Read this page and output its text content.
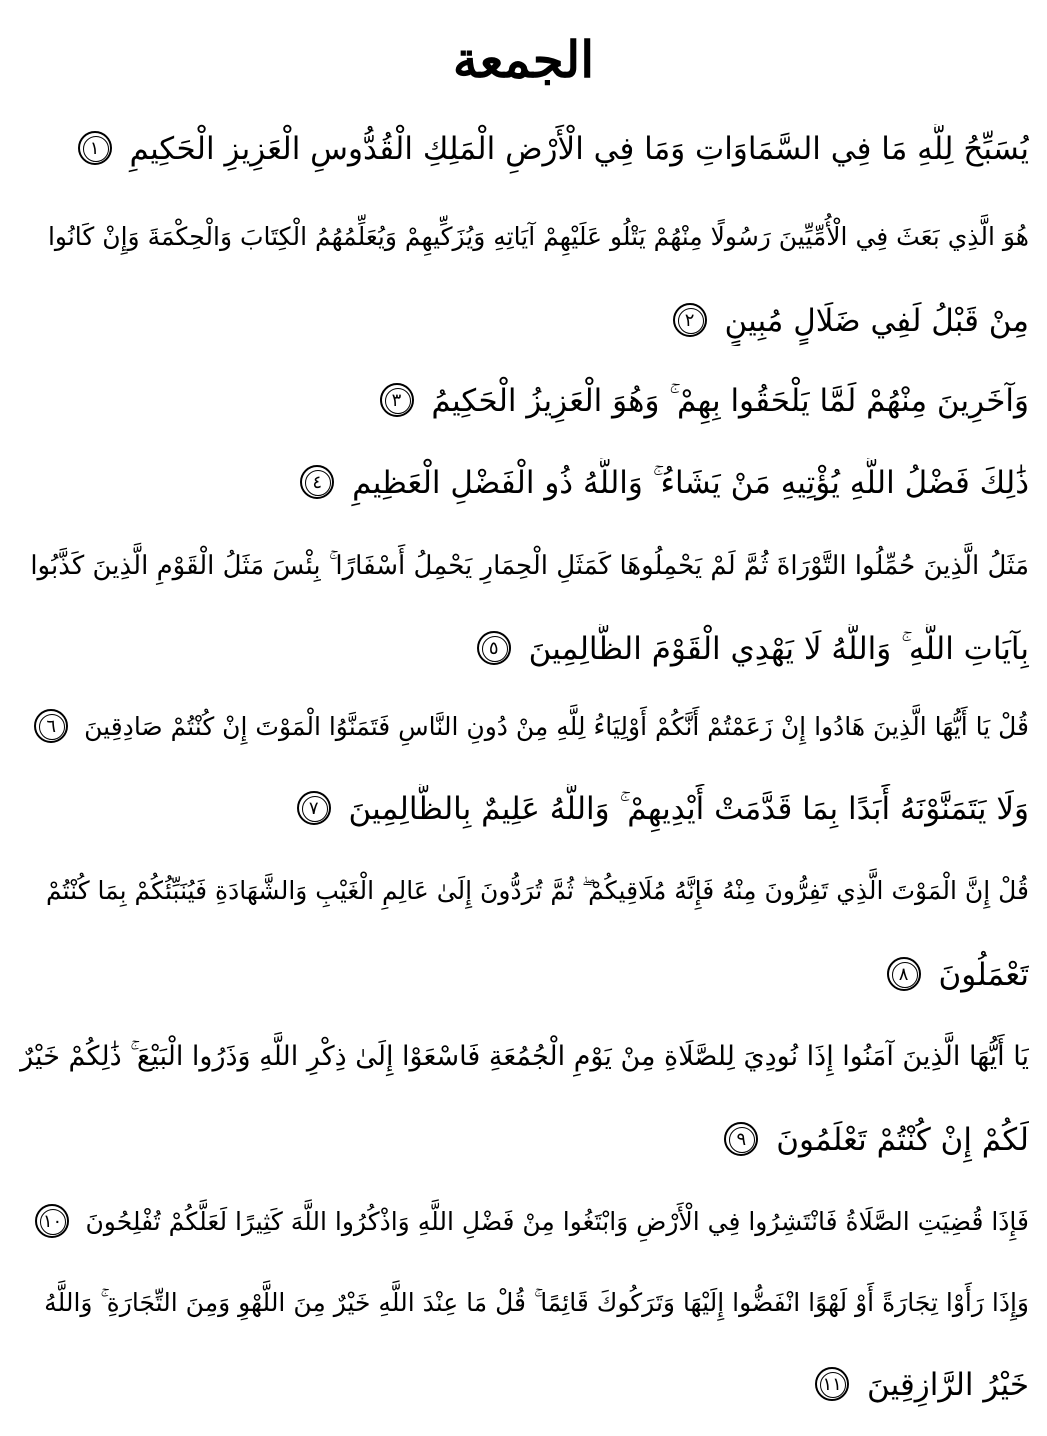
الجمعة
يُسَبِّحُ لِلَّهِ مَا فِي السَّمَاوَاتِ وَمَا فِي الْأَرْضِ الْمَلِكِ الْقُدُّوسِ الْعَزِيزِ الْحَكِيمِ ١
هُوَ الَّذِي بَعَثَ فِي الْأُمِّيِّينَ رَسُولًا مِنْهُمْ يَتْلُو عَلَيْهِمْ آيَاتِهِ وَيُزَكِّيهِمْ وَيُعَلِّمُهُمُ الْكِتَابَ وَالْحِكْمَةَ وَإِنْ كَانُوا
مِنْ قَبْلُ لَفِي ضَلَالٍ مُبِينٍ ٢
وَآخَرِينَ مِنْهُمْ لَمَّا يَلْحَقُوا بِهِمْ ۚ وَهُوَ الْعَزِيزُ الْحَكِيمُ ٣
ذَٰلِكَ فَضْلُ اللَّهِ يُؤْتِيهِ مَنْ يَشَاءُ ۚ وَاللَّهُ ذُو الْفَضْلِ الْعَظِيمِ ٤
مَثَلُ الَّذِينَ حُمِّلُوا التَّوْرَاةَ ثُمَّ لَمْ يَحْمِلُوهَا كَمَثَلِ الْحِمَارِ يَحْمِلُ أَسْفَارًا ۚ بِئْسَ مَثَلُ الْقَوْمِ الَّذِينَ كَذَّبُوا
بِآيَاتِ اللَّهِ ۚ وَاللَّهُ لَا يَهْدِي الْقَوْمَ الظَّالِمِينَ ٥
قُلْ يَا أَيُّهَا الَّذِينَ هَادُوا إِنْ زَعَمْتُمْ أَنَّكُمْ أَوْلِيَاءُ لِلَّهِ مِنْ دُونِ النَّاسِ فَتَمَنَّوُا الْمَوْتَ إِنْ كُنْتُمْ صَادِقِينَ ٦
وَلَا يَتَمَنَّوْنَهُ أَبَدًا بِمَا قَدَّمَتْ أَيْدِيهِمْ ۚ وَاللَّهُ عَلِيمٌ بِالظَّالِمِينَ ٧
قُلْ إِنَّ الْمَوْتَ الَّذِي تَفِرُّونَ مِنْهُ فَإِنَّهُ مُلَاقِيكُمْ ۖ ثُمَّ تُرَدُّونَ إِلَىٰ عَالِمِ الْغَيْبِ وَالشَّهَادَةِ فَيُنَبِّئُكُمْ بِمَا كُنْتُمْ
تَعْمَلُونَ ٨
يَا أَيُّهَا الَّذِينَ آمَنُوا إِذَا نُودِيَ لِلصَّلَاةِ مِنْ يَوْمِ الْجُمُعَةِ فَاسْعَوْا إِلَىٰ ذِكْرِ اللَّهِ وَذَرُوا الْبَيْعَ ۚ ذَٰلِكُمْ خَيْرٌ
لَكُمْ إِنْ كُنْتُمْ تَعْلَمُونَ ٩
فَإِذَا قُضِيَتِ الصَّلَاةُ فَانْتَشِرُوا فِي الْأَرْضِ وَابْتَغُوا مِنْ فَضْلِ اللَّهِ وَاذْكُرُوا اللَّهَ كَثِيرًا لَعَلَّكُمْ تُفْلِحُونَ ١٠
وَإِذَا رَأَوْا تِجَارَةً أَوْ لَهْوًا انْفَضُّوا إِلَيْهَا وَتَرَكُوكَ قَائِمًا ۚ قُلْ مَا عِنْدَ اللَّهِ خَيْرٌ مِنَ اللَّهْوِ وَمِنَ التِّجَارَةِ ۚ وَاللَّهُ
خَيْرُ الرَّازِقِينَ ١١
